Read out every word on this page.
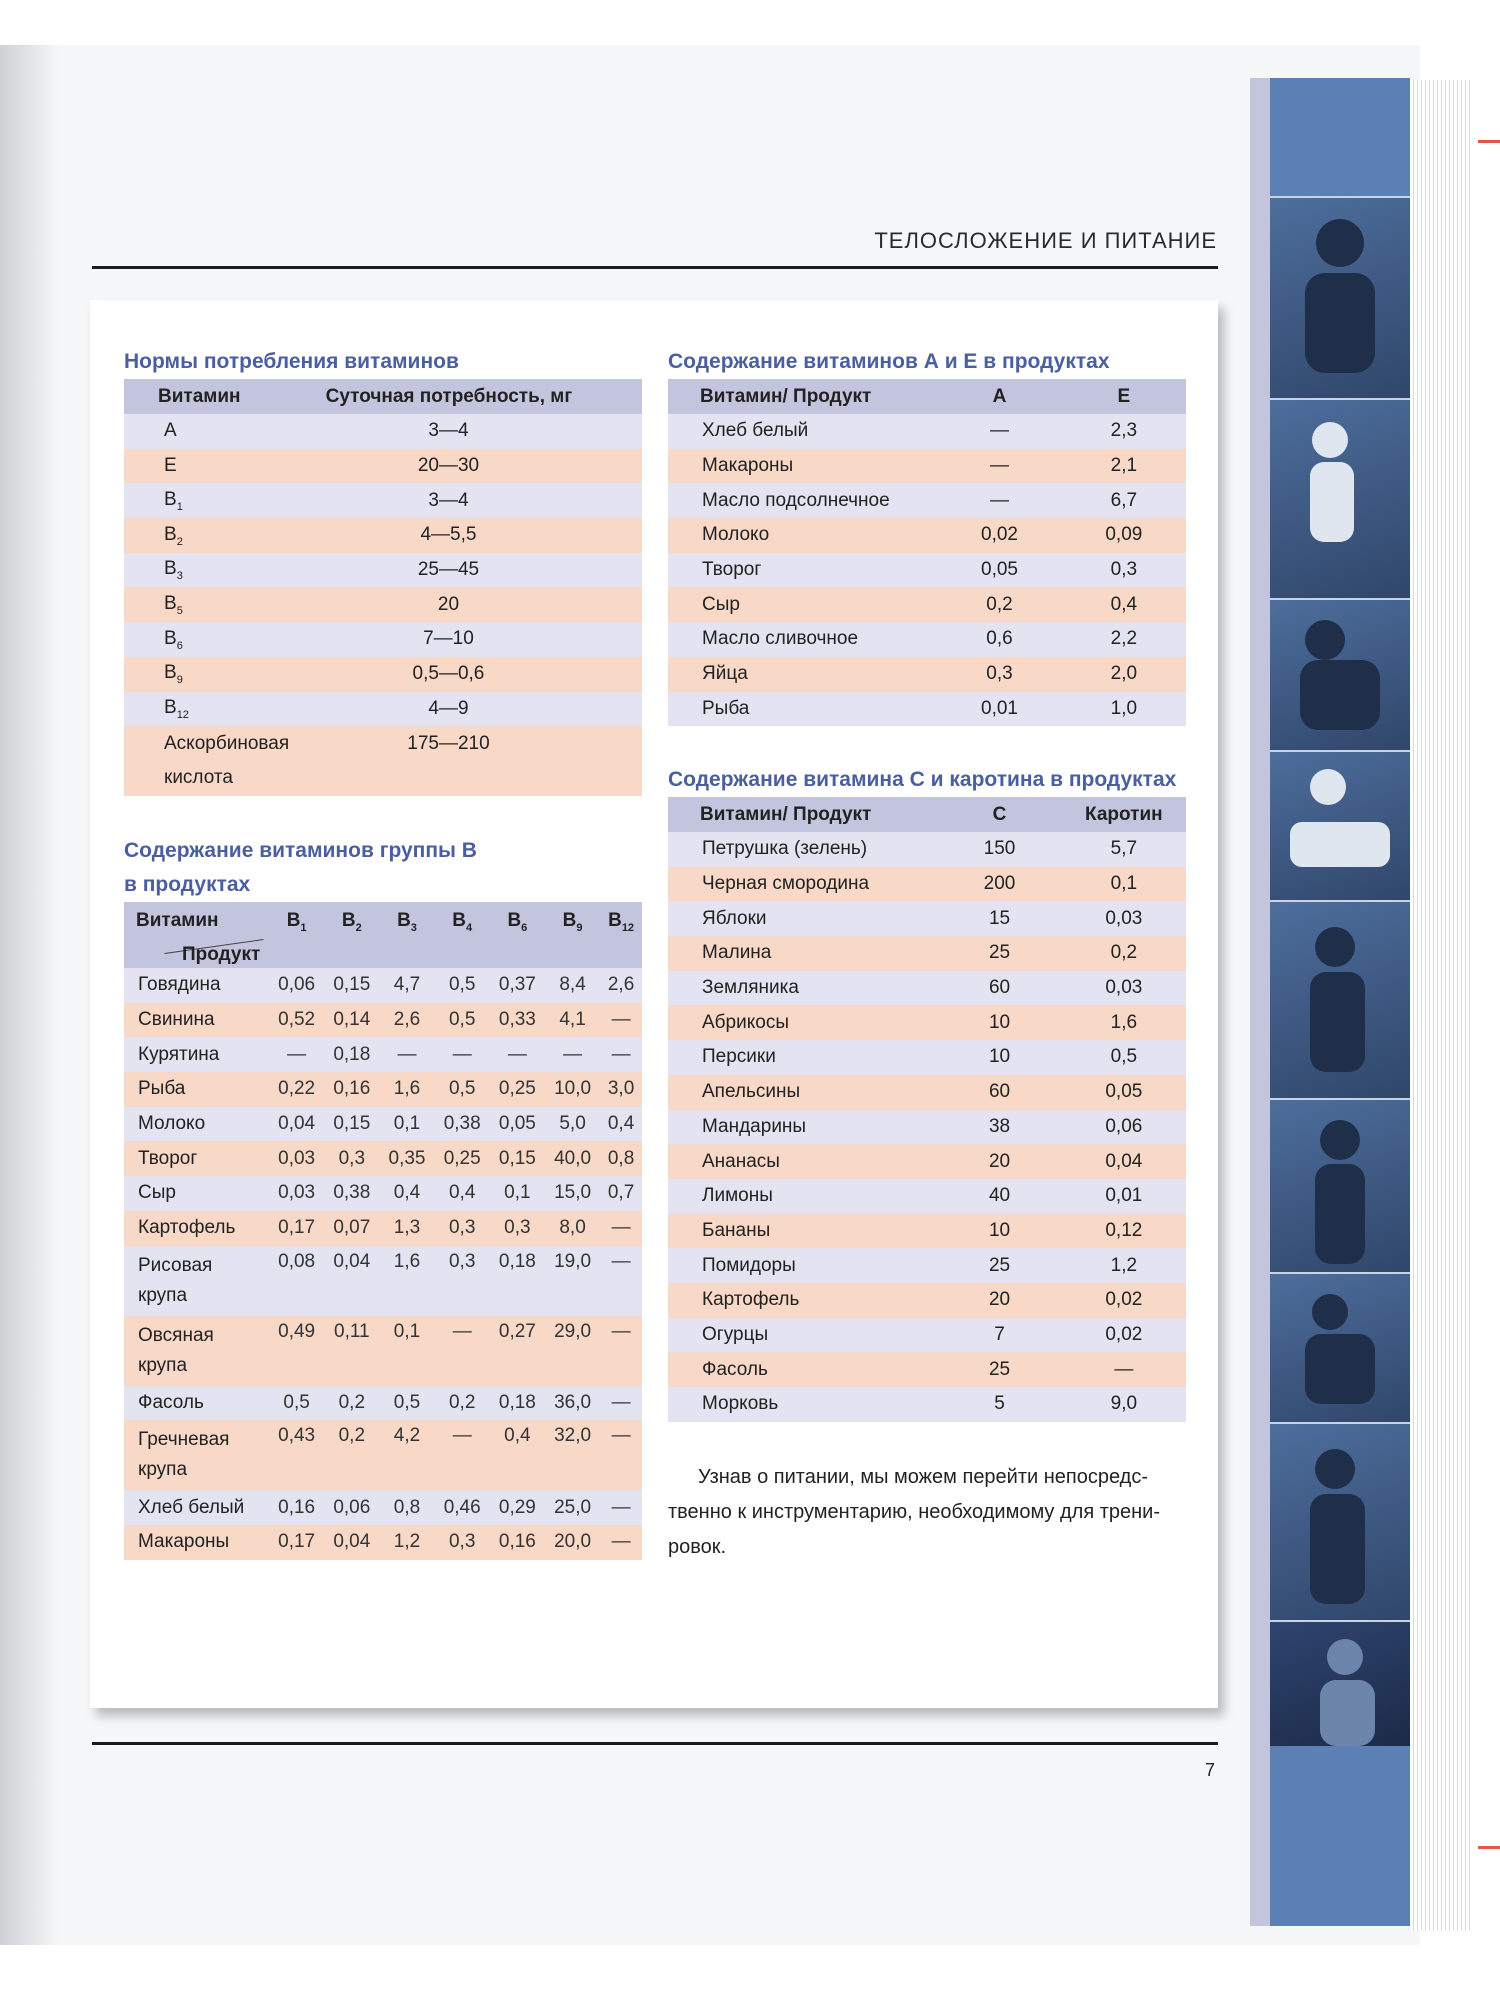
ТЕЛОСЛОЖЕНИЕ И ПИТАНИЕ
7
Нормы потребления витаминов
Витамин	Суточная потребность, мг
A	3—4
E	20—30
$B_1$	3—4
$B_2$	4—5,5
$B_3$	25—45
$B_5$	20
$B_6$	7—10
$B_9$	0,5—0,6
$B_{12}$	4—9
Аскорбиновая	175—210
кислота	
Содержание витаминов группы В
в продуктах
Витамин
Продукт	$B_1$	$B_2$	$B_3$	$B_4$	$B_6$	$B_9$	$B_{12}$

Говядина	0,06	0,15	4,7	0,5	0,37	8,4	2,6

Свинина	0,52	0,14	2,6	0,5	0,33	4,1	—

Курятина	—	0,18	—	—	—	—	—

Рыба	0,22	0,16	1,6	0,5	0,25	10,0	3,0

Молоко	0,04	0,15	0,1	0,38	0,05	5,0	0,4

Творог	0,03	0,3	0,35	0,25	0,15	40,0	0,8

Сыр	0,03	0,38	0,4	0,4	0,1	15,0	0,7

Картофель	0,17	0,07	1,3	0,3	0,3	8,0	—

Рисовая
крупа	0,08	0,04	1,6	0,3	0,18	19,0	—

Овсяная
крупа	0,49	0,11	0,1	—	0,27	29,0	—

Фасоль	0,5	0,2	0,5	0,2	0,18	36,0	—

Гречневая
крупа	0,43	0,2	4,2	—	0,4	32,0	—

Хлеб белый	0,16	0,06	0,8	0,46	0,29	25,0	—

Макароны	0,17	0,04	1,2	0,3	0,16	20,0	—
Содержание витаминов А и Е в продуктах
Витамин/ Продукт	A	E
Хлеб белый	—	2,3
Макароны	—	2,1
Масло подсолнечное	—	6,7
Молоко	0,02	0,09
Творог	0,05	0,3
Сыр	0,2	0,4
Масло сливочное	0,6	2,2
Яйца	0,3	2,0
Рыба	0,01	1,0
Содержание витамина С и каротина в продуктах
Витамин/ Продукт	C	Каротин
Петрушка (зелень)	150	5,7
Черная смородина	200	0,1
Яблоки	15	0,03
Малина	25	0,2
Земляника	60	0,03
Абрикосы	10	1,6
Персики	10	0,5
Апельсины	60	0,05
Мандарины	38	0,06
Ананасы	20	0,04
Лимоны	40	0,01
Бананы	10	0,12
Помидоры	25	1,2
Картофель	20	0,02
Огурцы	7	0,02
Фасоль	25	—
Морковь	5	9,0
Узнав о питании, мы можем перейти непосредс-
твенно к инструментарию, необходимому для трени-
ровок.
